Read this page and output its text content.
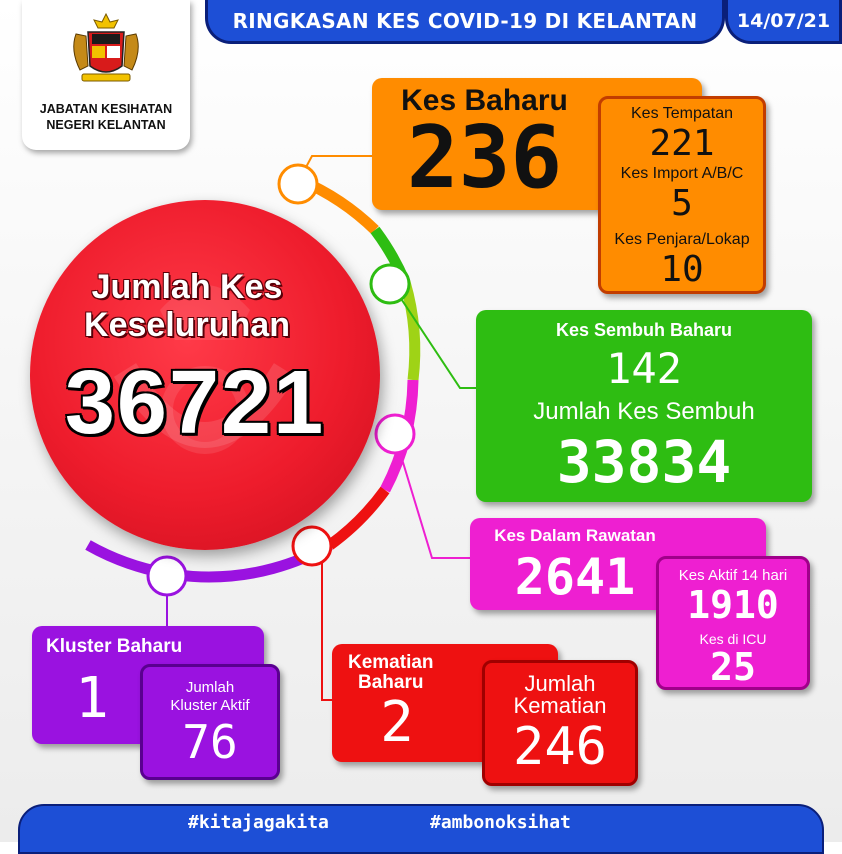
RINGKASAN KES COVID-19 DI KELANTAN 14/07/21
JABATAN KESIHATAN
NEGERI KELANTAN
Jumlah Kes
Keseluruhan
36721
Kes Baharu
236	Kes Tempatan
221
Kes Import A/B/C
5
Kes Penjara/Lokap
10
Kes Sembuh Baharu
142
Jumlah Kes Sembuh
33834
Kes Dalam Rawatan
2641	Kes Aktif 14 hari
1910
Kes di ICU
25
Kematian
Baharu
2
Jumlah
Kematian
246
Kluster Baharu
1	Jumlah
Kluster Aktif
76
#kitajagakita	#ambonoksihat
